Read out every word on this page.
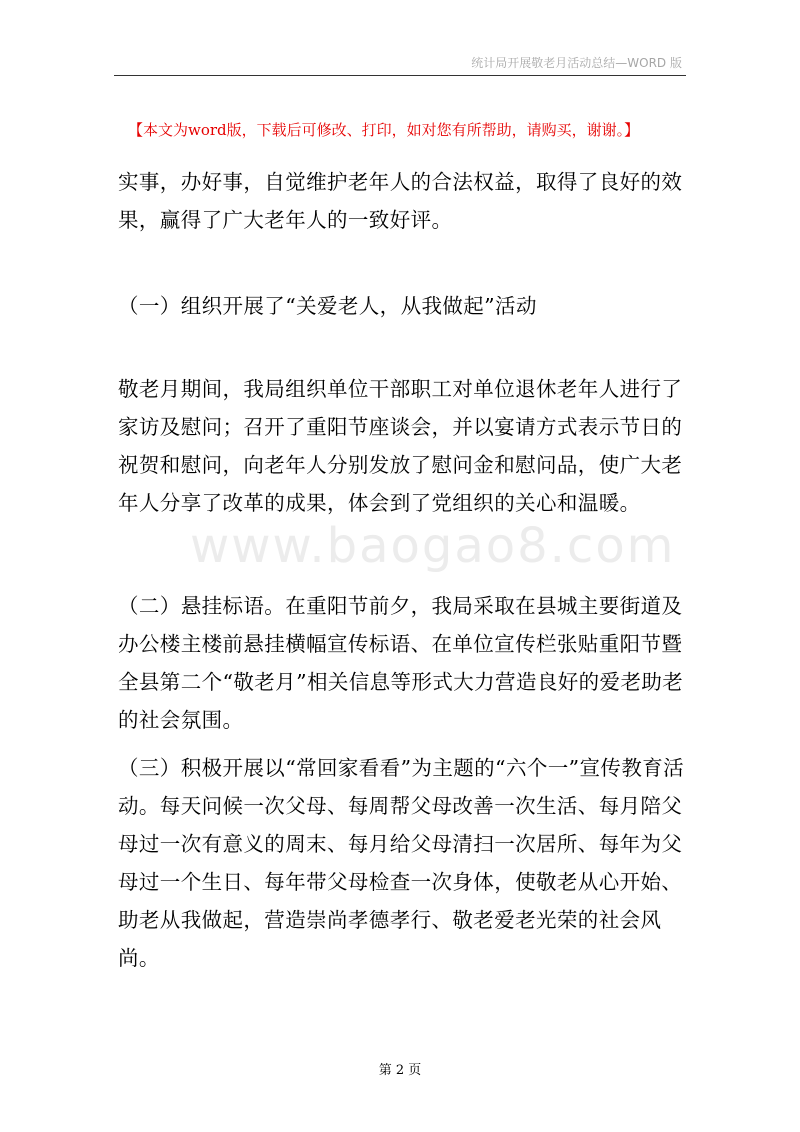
统计局开展敬老月活动总结—WORD 版
【本文为word版，下载后可修改、打印，如对您有所帮助，请购买，谢谢。】
实事，办好事，自觉维护老年人的合法权益，取得了良好的效果，赢得了广大老年人的一致好评。
（一）组织开展了“关爱老人，从我做起”活动
敬老月期间，我局组织单位干部职工对单位退休老年人进行了家访及慰问；召开了重阳节座谈会，并以宴请方式表示节日的祝贺和慰问，向老年人分别发放了慰问金和慰问品，使广大老年人分享了改革的成果，体会到了党组织的关心和温暖。
www.baogao8.com
（二）悬挂标语。在重阳节前夕，我局采取在县城主要街道及办公楼主楼前悬挂横幅宣传标语、在单位宣传栏张贴重阳节暨全县第二个“敬老月”相关信息等形式大力营造良好的爱老助老的社会氛围。
（三）积极开展以“常回家看看”为主题的“六个一”宣传教育活动。每天问候一次父母、每周帮父母改善一次生活、每月陪父母过一次有意义的周末、每月给父母清扫一次居所、每年为父母过一个生日、每年带父母检查一次身体，使敬老从心开始、助老从我做起，营造崇尚孝德孝行、敬老爱老光荣的社会风尚。
第 2 页
